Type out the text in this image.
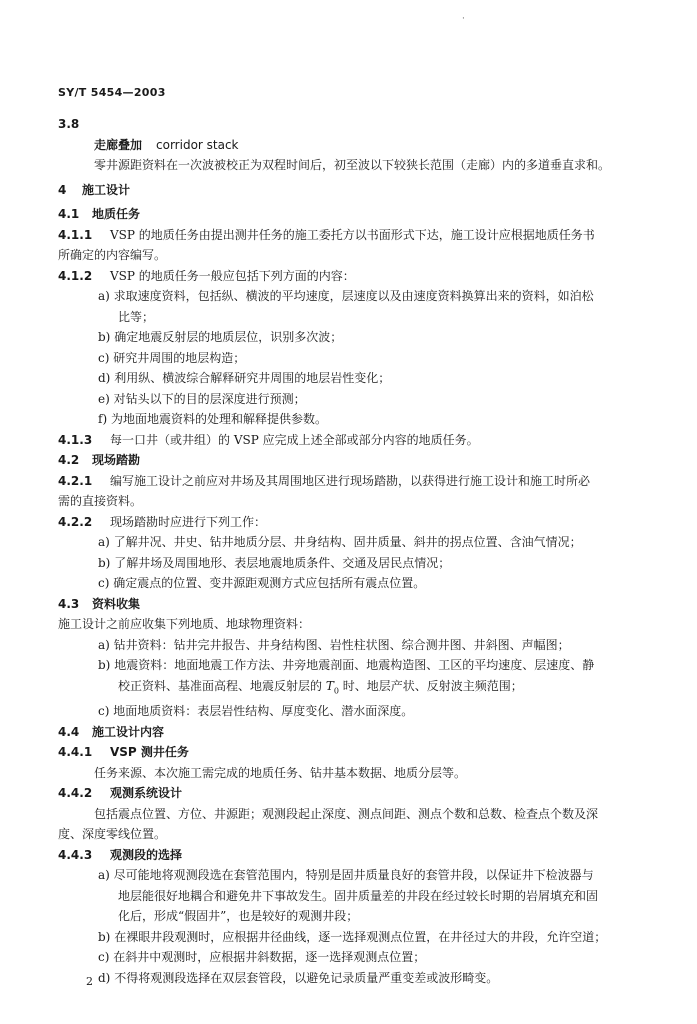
·
SY/T 5454—2003
3.8
走廊叠加 corridor stack
零井源距资料在一次波被校正为双程时间后，初至波以下较狭长范围（走廊）内的多道垂直求和。
4 施工设计
4.1 地质任务
4.1.1 VSP 的地质任务由提出测井任务的施工委托方以书面形式下达，施工设计应根据地质任务书
所确定的内容编写。
4.1.2 VSP 的地质任务一般应包括下列方面的内容：
a) 求取速度资料，包括纵、横波的平均速度，层速度以及由速度资料换算出来的资料，如泊松
比等；
b) 确定地震反射层的地质层位，识别多次波；
c) 研究井周围的地层构造；
d) 利用纵、横波综合解释研究井周围的地层岩性变化；
e) 对钻头以下的目的层深度进行预测；
f) 为地面地震资料的处理和解释提供参数。
4.1.3 每一口井（或井组）的 VSP 应完成上述全部或部分内容的地质任务。
4.2 现场踏勘
4.2.1 编写施工设计之前应对井场及其周围地区进行现场踏勘，以获得进行施工设计和施工时所必
需的直接资料。
4.2.2 现场踏勘时应进行下列工作：
a) 了解井况、井史、钻井地质分层、井身结构、固井质量、斜井的拐点位置、含油气情况；
b) 了解井场及周围地形、表层地震地质条件、交通及居民点情况；
c) 确定震点的位置、变井源距观测方式应包括所有震点位置。
4.3 资料收集
施工设计之前应收集下列地质、地球物理资料：
a) 钻井资料：钻井完井报告、井身结构图、岩性柱状图、综合测井图、井斜图、声幅图；
b) 地震资料：地面地震工作方法、井旁地震剖面、地震构造图、工区的平均速度、层速度、静
校正资料、基准面高程、地震反射层的 $T_0$ 时、地层产状、反射波主频范围；
c) 地面地质资料：表层岩性结构、厚度变化、潜水面深度。
4.4 施工设计内容
4.4.1 VSP 测井任务
任务来源、本次施工需完成的地质任务、钻井基本数据、地质分层等。
4.4.2 观测系统设计
包括震点位置、方位、井源距；观测段起止深度、测点间距、测点个数和总数、检查点个数及深
度、深度零线位置。
4.4.3 观测段的选择
a) 尽可能地将观测段选在套管范围内，特别是固井质量良好的套管井段，以保证井下检波器与
地层能很好地耦合和避免井下事故发生。固井质量差的井段在经过较长时期的岩屑填充和固
化后，形成“假固井”，也是较好的观测井段；
b) 在裸眼井段观测时，应根据井径曲线，逐一选择观测点位置，在井径过大的井段，允许空道；
c) 在斜井中观测时，应根据井斜数据，逐一选择观测点位置；
d) 不得将观测段选择在双层套管段，以避免记录质量严重变差或波形畸变。
2
